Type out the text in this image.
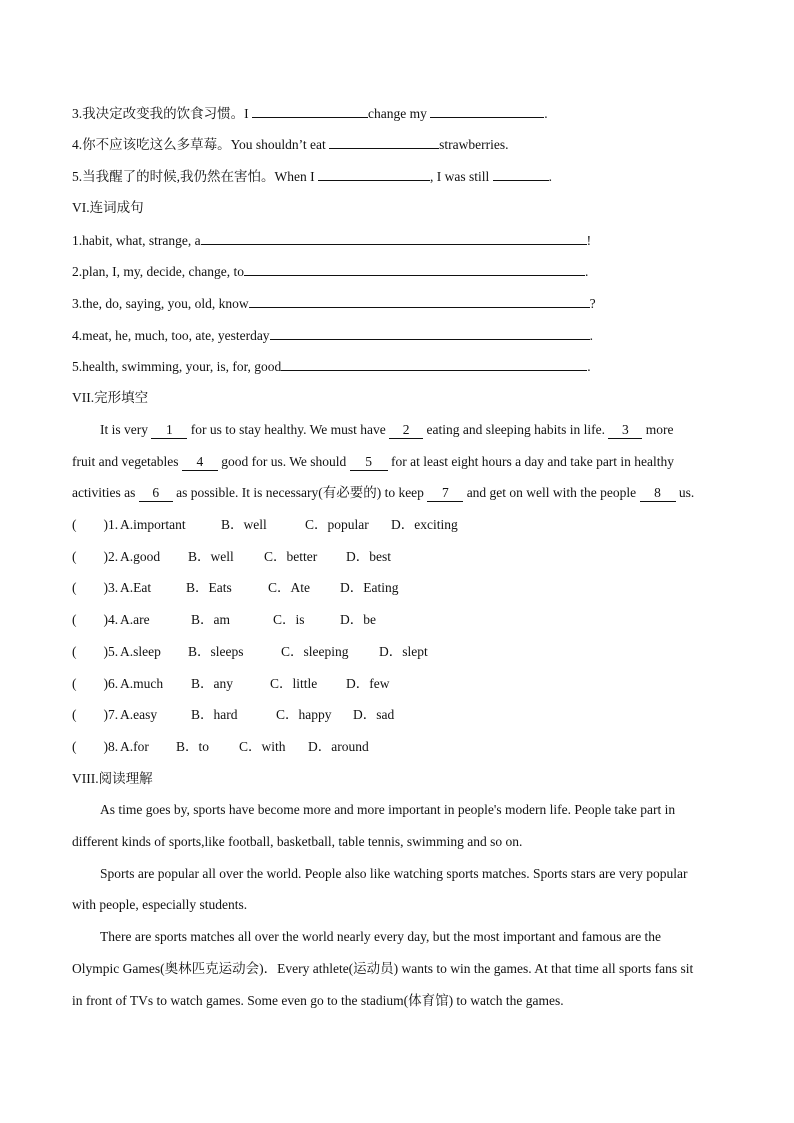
3.我决定改变我的饮食习惯。I	change my	.
4.你不应该吃这么多草莓。You shouldn’t eat	strawberries.
5.当我醒了的时候,我仍然在害怕。When I	, I was still	.
VI.连词成句
1.habit, what, strange, a	!
2.plan, I, my, decide, change, to	.
3.the, do, saying, you, old, know	?
4.meat, he, much, too, ate, yesterday	.
5.health, swimming, your, is, for, good	.
VII.完形填空
It is very 1 for us to stay healthy. We must have 2 eating and sleeping habits in life. 3 more
fruit and vegetables 4 good for us. We should 5 for at least eight hours a day and take part in healthy
activities as 6 as possible. It is necessary(有必要的) to keep 7 and get on well with the people 8 us.
(　　)1. A.important	B．well	C．popular D．exciting
(　　)2. A.good B．well C．better D．best
(　　)3. A.Eat	B．Eats	C．Ate D．Eating
(　　)4. A.are	B．am	C．is	D．be
(　　)5. A.sleep B．sleeps	C．sleeping D．slept
(　　)6. A.much B．any	C．little D．few
(　　)7. A.easy	B．hard	C．happy D．sad
(　　)8. A.for B．to C．with D．around
VIII.阅读理解
As time goes by, sports have become more and more important in people's modern life. People take part in
different kinds of sports,like football, basketball, table tennis, swimming and so on.
Sports are popular all over the world. People also like watching sports matches. Sports stars are very popular
with people, especially students.
There are sports matches all over the world nearly every day, but the most important and famous are the
Olympic Games(奥林匹克运动会)．Every athlete(运动员) wants to win the games. At that time all sports fans sit
in front of TVs to watch games. Some even go to the stadium(体育馆) to watch the games.
